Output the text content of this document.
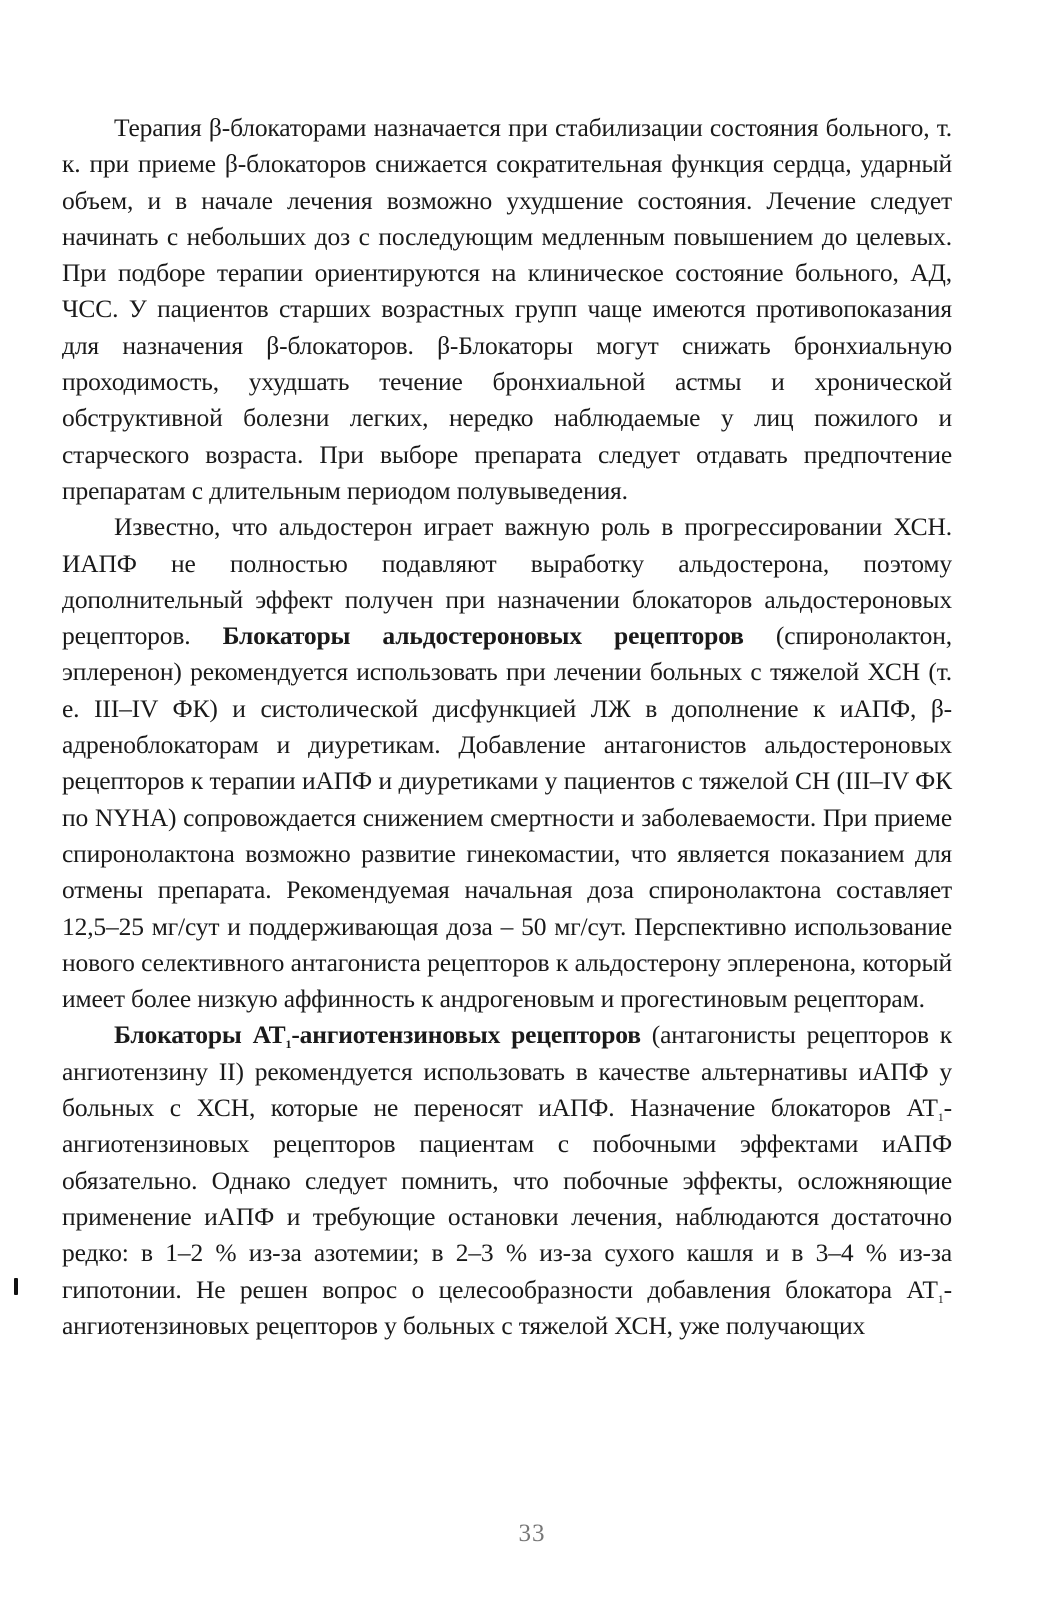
Терапия β-блокаторами назначается при стабилизации состояния больного, т. к. при приеме β-блокаторов снижается сократительная функция сердца, ударный объем, и в начале лечения возможно ухудшение состояния. Лечение следует начинать с небольших доз с последующим медленным повышением до целевых. При подборе терапии ориентируются на клиническое состояние больного, АД, ЧСС. У пациентов старших возрастных групп чаще имеются противопоказания для назначения β-блокаторов. β-Блокаторы могут снижать бронхиальную проходимость, ухудшать течение бронхиальной астмы и хронической обструктивной болезни легких, нередко наблюдаемые у лиц пожилого и старческого возраста. При выборе препарата следует отдавать предпочтение препаратам с длительным периодом полувыведения.

Известно, что альдостерон играет важную роль в прогрессировании ХСН. ИАПФ не полностью подавляют выработку альдостерона, поэтому дополнительный эффект получен при назначении блокаторов альдостероновых рецепторов. Блокаторы альдостероновых рецепторов (спиронолактон, эплеренон) рекомендуется использовать при лечении больных с тяжелой ХСН (т. е. III–IV ФК) и систолической дисфункцией ЛЖ в дополнение к иАПФ, β-адреноблокаторам и диуретикам. Добавление антагонистов альдостероновых рецепторов к терапии иАПФ и диуретиками у пациентов с тяжелой СН (III–IV ФК по NYHA) сопровождается снижением смертности и заболеваемости. При приеме спиронолактона возможно развитие гинекомастии, что является показанием для отмены препарата. Рекомендуемая начальная доза спиронолактона составляет 12,5–25 мг/сут и поддерживающая доза – 50 мг/сут. Перспективно использование нового селективного антагониста рецепторов к альдостерону эплеренона, который имеет более низкую аффинность к андрогеновым и прогестиновым рецепторам.

Блокаторы $АТ_1$-ангиотензиновых рецепторов (антагонисты рецепторов к ангиотензину II) рекомендуется использовать в качестве альтернативы иАПФ у больных с ХСН, которые не переносят иАПФ. Назначение блокаторов $АТ_1$-ангиотензиновых рецепторов пациентам с побочными эффектами иАПФ обязательно. Однако следует помнить, что побочные эффекты, осложняющие применение иАПФ и требующие остановки лечения, наблюдаются достаточно редко: в 1–2 % из-за азотемии; в 2–3 % из-за сухого кашля и в 3–4 % из-за гипотонии. Не решен вопрос о целесообразности добавления блокатора $АТ_1$-ангиотензиновых рецепторов у больных с тяжелой ХСН, уже получающих

33
